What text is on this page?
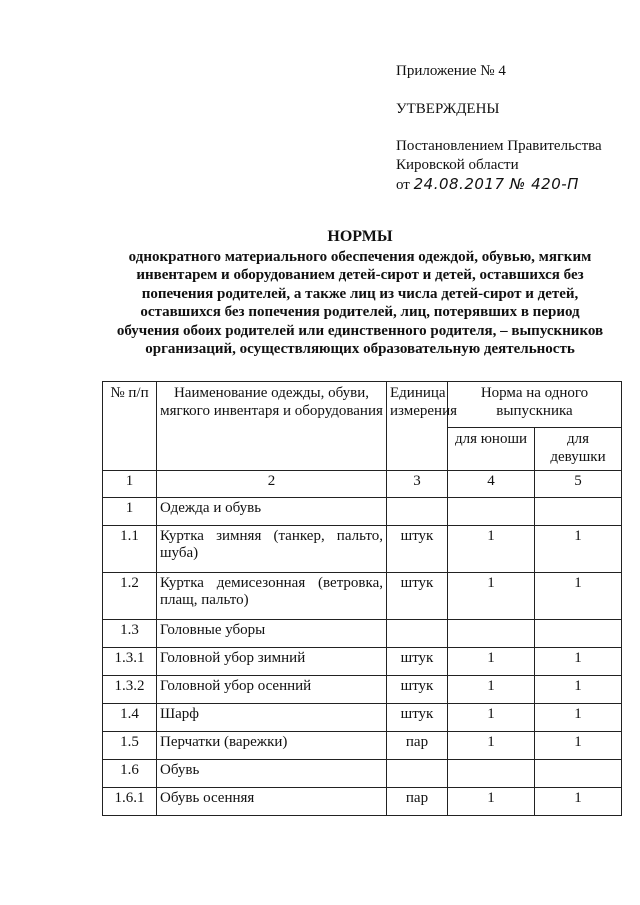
Приложение № 4

УТВЕРЖДЕНЫ

Постановлением Правительства

Кировской области

от 24.08.2017 № 420-П

НОРМЫ
однократного материального обеспечения одеждой, обувью, мягким
инвентарем и оборудованием детей-сирот и детей, оставшихся без
попечения родителей, а также лиц из числа детей-сирот и детей,
оставшихся без попечения родителей, лиц, потерявших в период
обучения обоих родителей или единственного родителя, – выпускников
организаций, осуществляющих образовательную деятельность
№ п/п	Наименование одежды, обуви, мягкого инвентаря и оборудования	Единица измерения	Норма на одного выпускника	
			для юноши	для девушки
1	2	3	4	5
1	Одежда и обувь			
1.1	Куртка зимняя (танкер, пальто, шуба)	штук	1	1
1.2	Куртка демисезонная (ветровка, плащ, пальто)	штук	1	1
1.3	Головные уборы			
1.3.1	Головной убор зимний	штук	1	1
1.3.2	Головной убор осенний	штук	1	1
1.4	Шарф	штук	1	1
1.5	Перчатки (варежки)	пар	1	1
1.6	Обувь			
1.6.1	Обувь осенняя	пар	1	1
